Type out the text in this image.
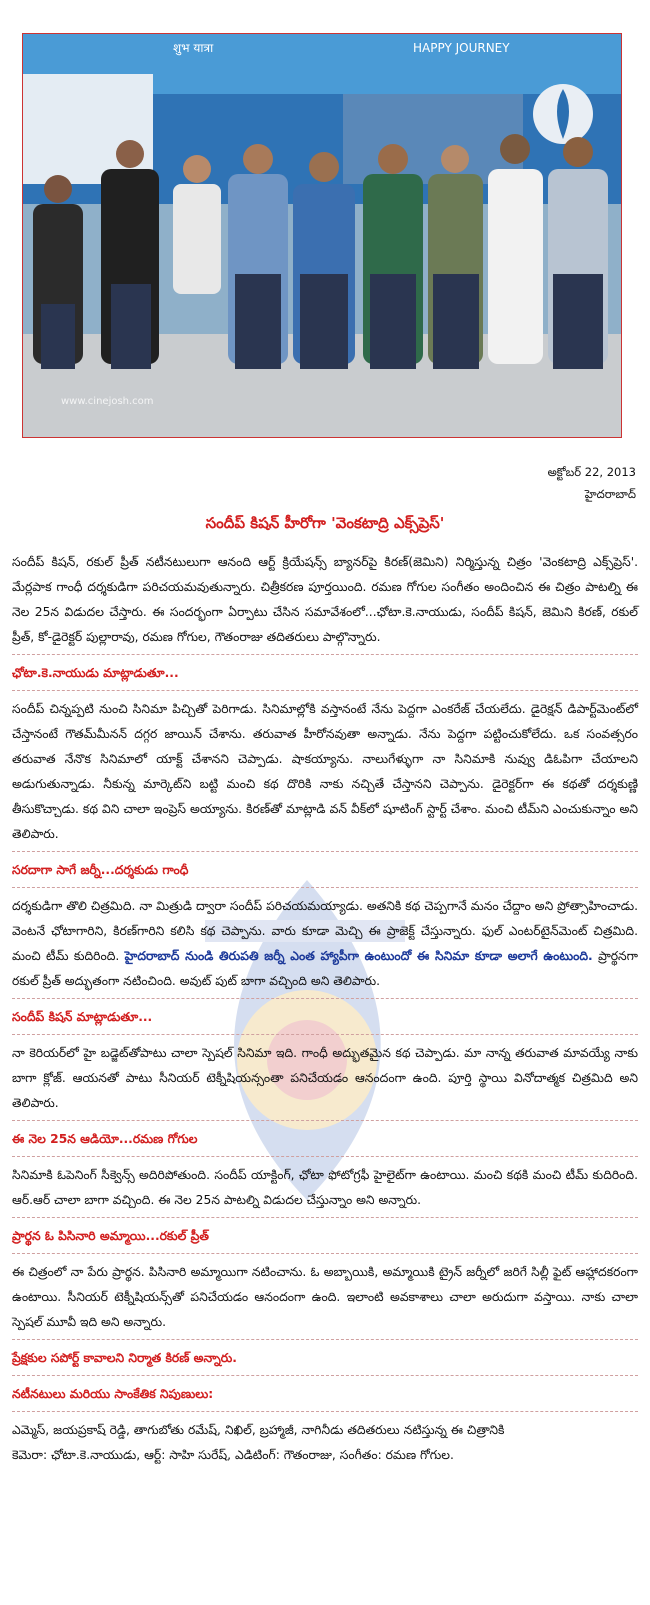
शुभ यात्रा	HAPPY JOURNEY
www.cinejosh.com
అక్టోబర్ 22, 2013
హైదరాబాద్
సందీప్ కిషన్ హీరోగా 'వెంకటాద్రి ఎక్స్‌ప్రెస్'

సందీప్ కిషన్, రకుల్ ప్రీత్ నటీనటులుగా ఆనంది ఆర్ట్ క్రియేషన్స్ బ్యానర్‌పై కిరణ్(జెమిని) నిర్మిస్తున్న చిత్రం 'వెంకటాద్రి ఎక్స్‌ప్రెస్'. మేర్లపాక గాంధీ దర్శకుడిగా పరిచయమవుతున్నారు. చిత్రీకరణ పూర్తయింది. రమణ గోగుల సంగీతం అందించిన ఈ చిత్రం పాటల్ని ఈ నెల 25న విడుదల చేస్తారు. ఈ సందర్భంగా ఏర్పాటు చేసిన సమావేశంలో...ఛోటా.కె.నాయుడు, సందీప్ కిషన్, జెమిని కిరణ్, రకుల్ ప్రీత్, కో-డైరెక్టర్ పుల్లారావు, రమణ గోగుల, గౌతంరాజు తదితరులు పాల్గొన్నారు.

ఛోటా.కె.నాయుడు మాట్లాడుతూ...

సందీప్ చిన్నప్పటి నుంచి సినిమా పిచ్చితో పెరిగాడు. సినిమాల్లోకి వస్తానంటే నేను పెద్దగా ఎంకరేజ్ చేయలేదు. డైరెక్షన్ డిపార్ట్‌మెంట్‌లో చేస్తానంటే గౌతమ్‌మీనన్ దగ్గర జాయిన్ చేశాను. తరువాత హీరోనవుతా అన్నాడు. నేను పెద్దగా పట్టించుకోలేదు. ఒక సంవత్సరం తరువాత నేనొక సినిమాలో యాక్ట్ చేశానని చెప్పాడు. షాకయ్యాను. నాలుగేళ్ళుగా నా సినిమాకి నువ్వు డిఓపిగా చేయాలని అడుగుతున్నాడు. నీకున్న మార్కెట్‌ని బట్టి మంచి కథ దొరికి నాకు నచ్చితే చేస్తానని చెప్పాను. డైరెక్టర్‌గా ఈ కథతో దర్శకుణ్ణి తీసుకొచ్చాడు. కథ విని చాలా ఇంప్రెస్ అయ్యాను. కిరణ్‌తో మాట్లాడి వన్ వీక్‌లో షూటింగ్ స్టార్ట్ చేశాం. మంచి టీమ్‌ని ఎంచుకున్నాం అని తెలిపారు.

సరదాగా సాగే జర్నీ...దర్శకుడు గాంధీ

దర్శకుడిగా తొలి చిత్రమిది. నా మిత్రుడి ద్వారా సందీప్ పరిచయమయ్యాడు. అతనికి కథ చెప్పగానే మనం చేద్దాం అని ప్రోత్సాహించాడు. వెంటనే ఛోటాగారిని, కిరణ్‌గారిని కలిసి కథ చెప్పాను. వారు కూడా మెచ్చి ఈ ప్రాజెక్ట్ చేస్తున్నారు. ఫుల్ ఎంటర్‌టైన్‌మెంట్ చిత్రమిది. మంచి టీమ్ కుదిరింది. హైదరాబాద్ నుండి తిరుపతి జర్నీ ఎంత హ్యాపీగా ఉంటుందో ఈ సినిమా కూడా అలాగే ఉంటుంది. ప్రార్థనగా రకుల్ ప్రీత్ అద్భుతంగా నటించింది. అవుట్ పుట్ బాగా వచ్చింది అని తెలిపారు.

సందీప్ కిషన్ మాట్లాడుతూ...

నా కెరియర్‌లో హై బడ్జెట్‌తోపాటు చాలా స్పెషల్ సినిమా ఇది. గాంధీ అద్భుతమైన కథ చెప్పాడు. మా నాన్న తరువాత మావయ్యే నాకు బాగా క్లోజ్. ఆయనతో పాటు సీనియర్ టెక్నీషియన్సంతా పనిచేయడం ఆనందంగా ఉంది. పూర్తి స్థాయి వినోదాత్మక చిత్రమిది అని తెలిపారు.

ఈ నెల 25న ఆడియో...రమణ గోగుల

సినిమాకి ఓపెనింగ్ సీక్వెన్స్ అదిరిపోతుంది. సందీప్ యాక్టింగ్, ఛోటా ఫోటోగ్రఫీ హైలైట్‌గా ఉంటాయి. మంచి కథకి మంచి టీమ్ కుదిరింది. ఆర్.ఆర్ చాలా బాగా వచ్చింది. ఈ నెల 25న పాటల్ని విడుదల చేస్తున్నాం అని అన్నారు.

ప్రార్థన ఓ పిసినారి అమ్మాయి...రకుల్ ప్రీత్

ఈ చిత్రంలో నా పేరు ప్రార్థన. పిసినారి అమ్మాయిగా నటించాను. ఓ అబ్బాయికి, అమ్మాయికి ట్రైన్ జర్నీలో జరిగే సిల్లీ ఫైట్ ఆహ్లాదకరంగా ఉంటాయి. సీనియర్ టెక్నీషియన్స్‌తో పనిచేయడం ఆనందంగా ఉంది. ఇలాంటి అవకాశాలు చాలా అరుదుగా వస్తాయి. నాకు చాలా స్పెషల్ మూవీ ఇది అని అన్నారు.

ప్రేక్షకుల సపోర్ట్ కావాలని నిర్మాత కిరణ్ అన్నారు.

నటీనటులు మరియు సాంకేతిక నిపుణులు:

ఎమ్మెస్, జయప్రకాష్ రెడ్డి, తాగుబోతు రమేష్, నిఖిల్, బ్రహ్మాజీ, నాగినీడు తదితరులు నటిస్తున్న ఈ చిత్రానికి

కెమెరా: ఛోటా.కె.నాయుడు, ఆర్ట్: సాహి సురేష్, ఎడిటింగ్: గౌతంరాజు, సంగీతం: రమణ గోగుల.
